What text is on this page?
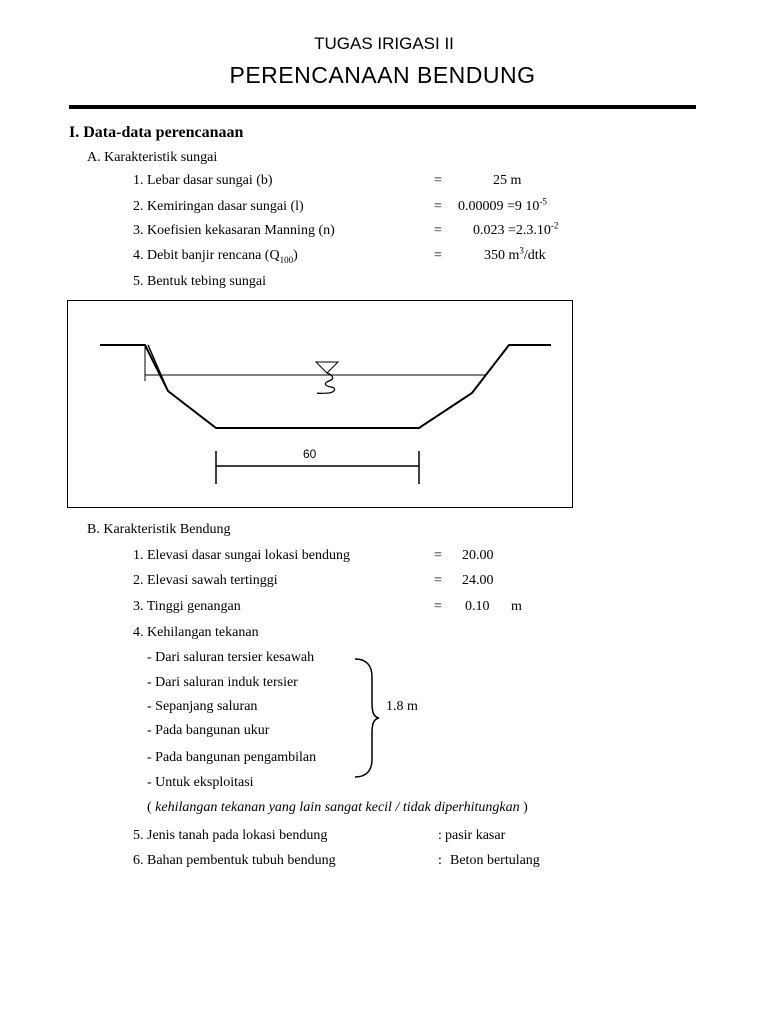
TUGAS IRIGASI II
PERENCANAAN BENDUNG
I. Data-data perencanaan
A. Karakteristik sungai
1. Lebar dasar sungai (b)	=	25 m
2. Kemiringan dasar sungai (l)	= 0.00009 =9 $10^{-5}$
3. Koefisien kekasaran Manning (n)	= $0.023 =2.3.10^{-2}$
4. Debit banjir rencana $(Q_{100})$	=	350 $m^3$/dtk
5. Bentuk tebing sungai
60
B. Karakteristik Bendung
1. Elevasi dasar sungai lokasi bendung	= 20.00
2. Elevasi sawah tertinggi	= 24.00
3. Tinggi genangan	= 0.10 m
4. Kehilangan tekanan
- Dari saluran tersier kesawah
- Dari saluran induk tersier
- Sepanjang saluran
- Pada bangunan ukur
- Pada bangunan pengambilan
- Untuk eksploitasi
1.8 m
( kehilangan tekanan yang lain sangat kecil / tidak diperhitungkan )
5. Jenis tanah pada lokasi bendung	: pasir kasar
6. Bahan pembentuk tubuh bendung	: Beton bertulang
